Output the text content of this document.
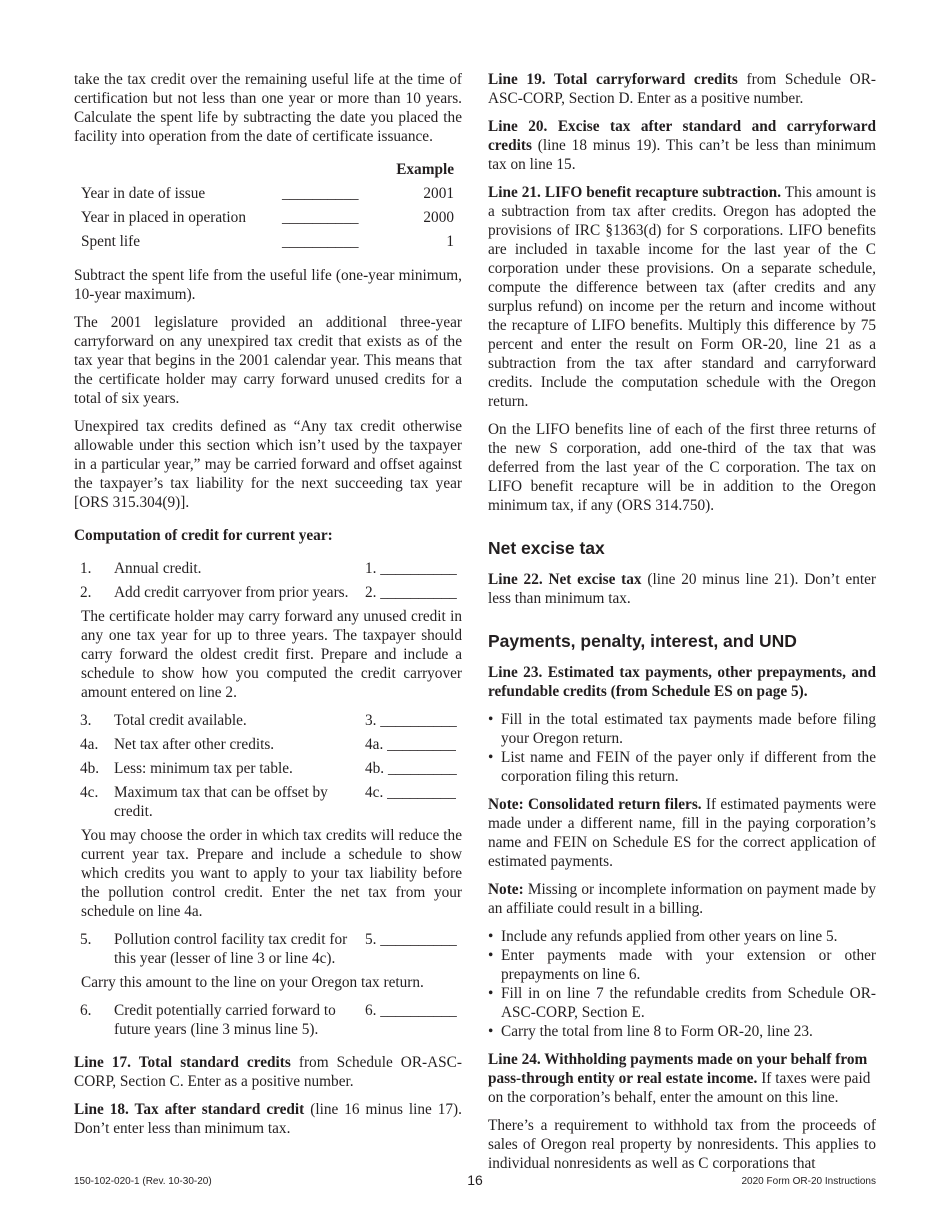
take the tax credit over the remaining useful life at the time of certification but not less than one year or more than 10 years. Calculate the spent life by subtracting the date you placed the facility into operation from the date of certificate issuance.

Example
Year in date of issue	__________	2001
Year in placed in operation __________	2000
Spent life	__________	1

Subtract the spent life from the useful life (one-year minimum, 10-year maximum).

The 2001 legislature provided an additional three-year carryforward on any unexpired tax credit that exists as of the tax year that begins in the 2001 calendar year. This means that the certificate holder may carry forward unused credits for a total of six years.

Unexpired tax credits defined as “Any tax credit otherwise allowable under this section which isn’t used by the taxpayer in a particular year,” may be carried forward and offset against the taxpayer’s tax liability for the next succeeding tax year [ORS 315.304(9)].

Computation of credit for current year:
1. Annual credit.	1. __________
2. Add credit carryover from prior years.	2. __________

The certificate holder may carry forward any unused credit in any one tax year for up to three years. The taxpayer should carry forward the oldest credit first. Prepare and include a schedule to show how you computed the credit carryover amount entered on line 2.

3. Total credit available.	3. __________
4a. Net tax after other credits.	4a. _________
4b. Less: minimum tax per table.	4b. _________
4c. Maximum tax that can be offset by credit.
4c. _________

You may choose the order in which tax credits will reduce the current year tax. Prepare and include a schedule to show which credits you want to apply to your tax liability before the pollution control credit. Enter the net tax from your schedule on line 4a.

5. Pollution control facility tax credit for this year (lesser of line 3 or line 4c).
5. __________

Carry this amount to the line on your Oregon tax return.

6. Credit potentially carried forward to future years (line 3 minus line 5).
6. __________

Line 17. Total standard credits from Schedule OR-ASC-CORP, Section C. Enter as a positive number.

Line 18. Tax after standard credit (line 16 minus line 17). Don’t enter less than minimum tax.

Line 19. Total carryforward credits from Schedule OR-ASC-CORP, Section D. Enter as a positive number.

Line 20. Excise tax after standard and carryforward credits (line 18 minus 19). This can’t be less than minimum tax on line 15.

Line 21. LIFO benefit recapture subtraction. This amount is a subtraction from tax after credits. Oregon has adopted the provisions of IRC §1363(d) for S corporations. LIFO benefits are included in taxable income for the last year of the C corporation under these provisions. On a separate schedule, compute the difference between tax (after credits and any surplus refund) on income per the return and income without the recapture of LIFO benefits. Multiply this difference by 75 percent and enter the result on Form OR-20, line 21 as a subtraction from the tax after standard and carryforward credits. Include the computation schedule with the Oregon return.

On the LIFO benefits line of each of the first three returns of the new S corporation, add one-third of the tax that was deferred from the last year of the C corporation. The tax on LIFO benefit recapture will be in addition to the Oregon minimum tax, if any (ORS 314.750).

Net excise tax

Line 22. Net excise tax (line 20 minus line 21). Don’t enter less than minimum tax.

Payments, penalty, interest, and UND

Line 23. Estimated tax payments, other prepayments, and refundable credits (from Schedule ES on page 5).

• Fill in the total estimated tax payments made before filing your Oregon return.
• List name and FEIN of the payer only if different from the corporation filing this return.

Note: Consolidated return filers. If estimated payments were made under a different name, fill in the paying corporation’s name and FEIN on Schedule ES for the correct application of estimated payments.

Note: Missing or incomplete information on payment made by an affiliate could result in a billing.

• Include any refunds applied from other years on line 5.
• Enter payments made with your extension or other prepayments on line 6.
• Fill in on line 7 the refundable credits from Schedule OR-ASC-CORP, Section E.
• Carry the total from line 8 to Form OR-20, line 23.

Line 24. Withholding payments made on your behalf from pass-through entity or real estate income. If taxes were paid on the corporation’s behalf, enter the amount on this line.

There’s a requirement to withhold tax from the proceeds of sales of Oregon real property by nonresidents. This applies to individual nonresidents as well as C corporations that

150-102-020-1 (Rev. 10-30-20)	16	2020 Form OR-20 Instructions
